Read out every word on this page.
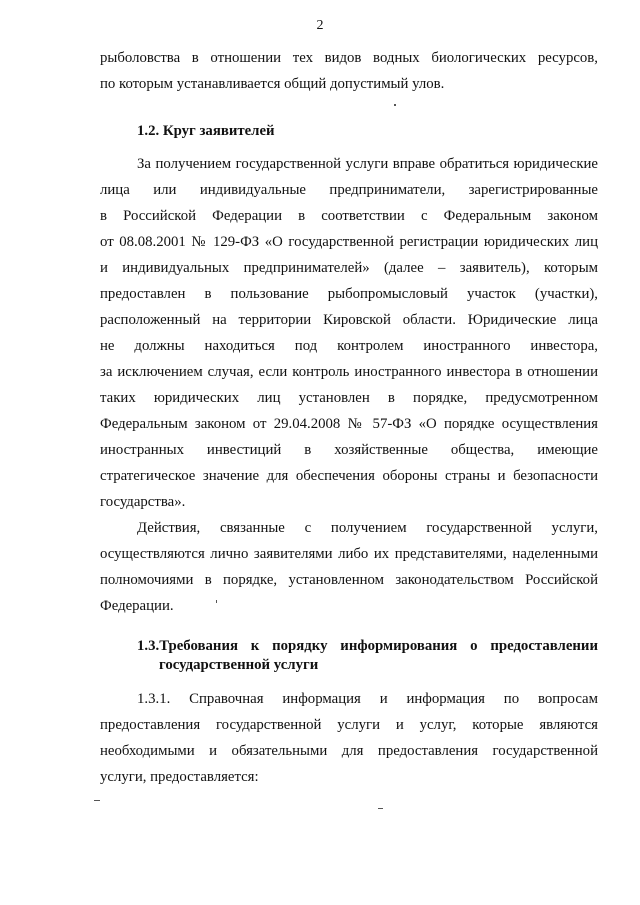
2
рыболовства в отношении тех видов водных биологических ресурсов,
по которым устанавливается общий допустимый улов.
За получением государственной услуги вправе обратиться юридические
лица или индивидуальные предприниматели, зарегистрированные
в Российской Федерации в соответствии с Федеральным законом
от 08.08.2001 № 129-ФЗ «О государственной регистрации юридических лиц
и индивидуальных предпринимателей» (далее – заявитель), которым
предоставлен в пользование рыбопромысловый участок (участки),
расположенный на территории Кировской области. Юридические лица
не должны находиться под контролем иностранного инвестора,
за исключением случая, если контроль иностранного инвестора в отношении
таких юридических лиц установлен в порядке, предусмотренном
Федеральным законом от 29.04.2008 № 57-ФЗ «О порядке осуществления
иностранных инвестиций в хозяйственные общества, имеющие
стратегическое значение для обеспечения обороны страны и безопасности
государства».
Действия, связанные с получением государственной услуги,
осуществляются лично заявителями либо их представителями, наделенными
полномочиями в порядке, установленном законодательством Российской
Федерации.
1.3.1. Справочная информация и информация по вопросам
предоставления государственной услуги и услуг, которые являются
необходимыми и обязательными для предоставления государственной
услуги, предоставляется:
1.2. Круг заявителей
1.3.Требования к порядку информирования о предоставлении
государственной услуги
